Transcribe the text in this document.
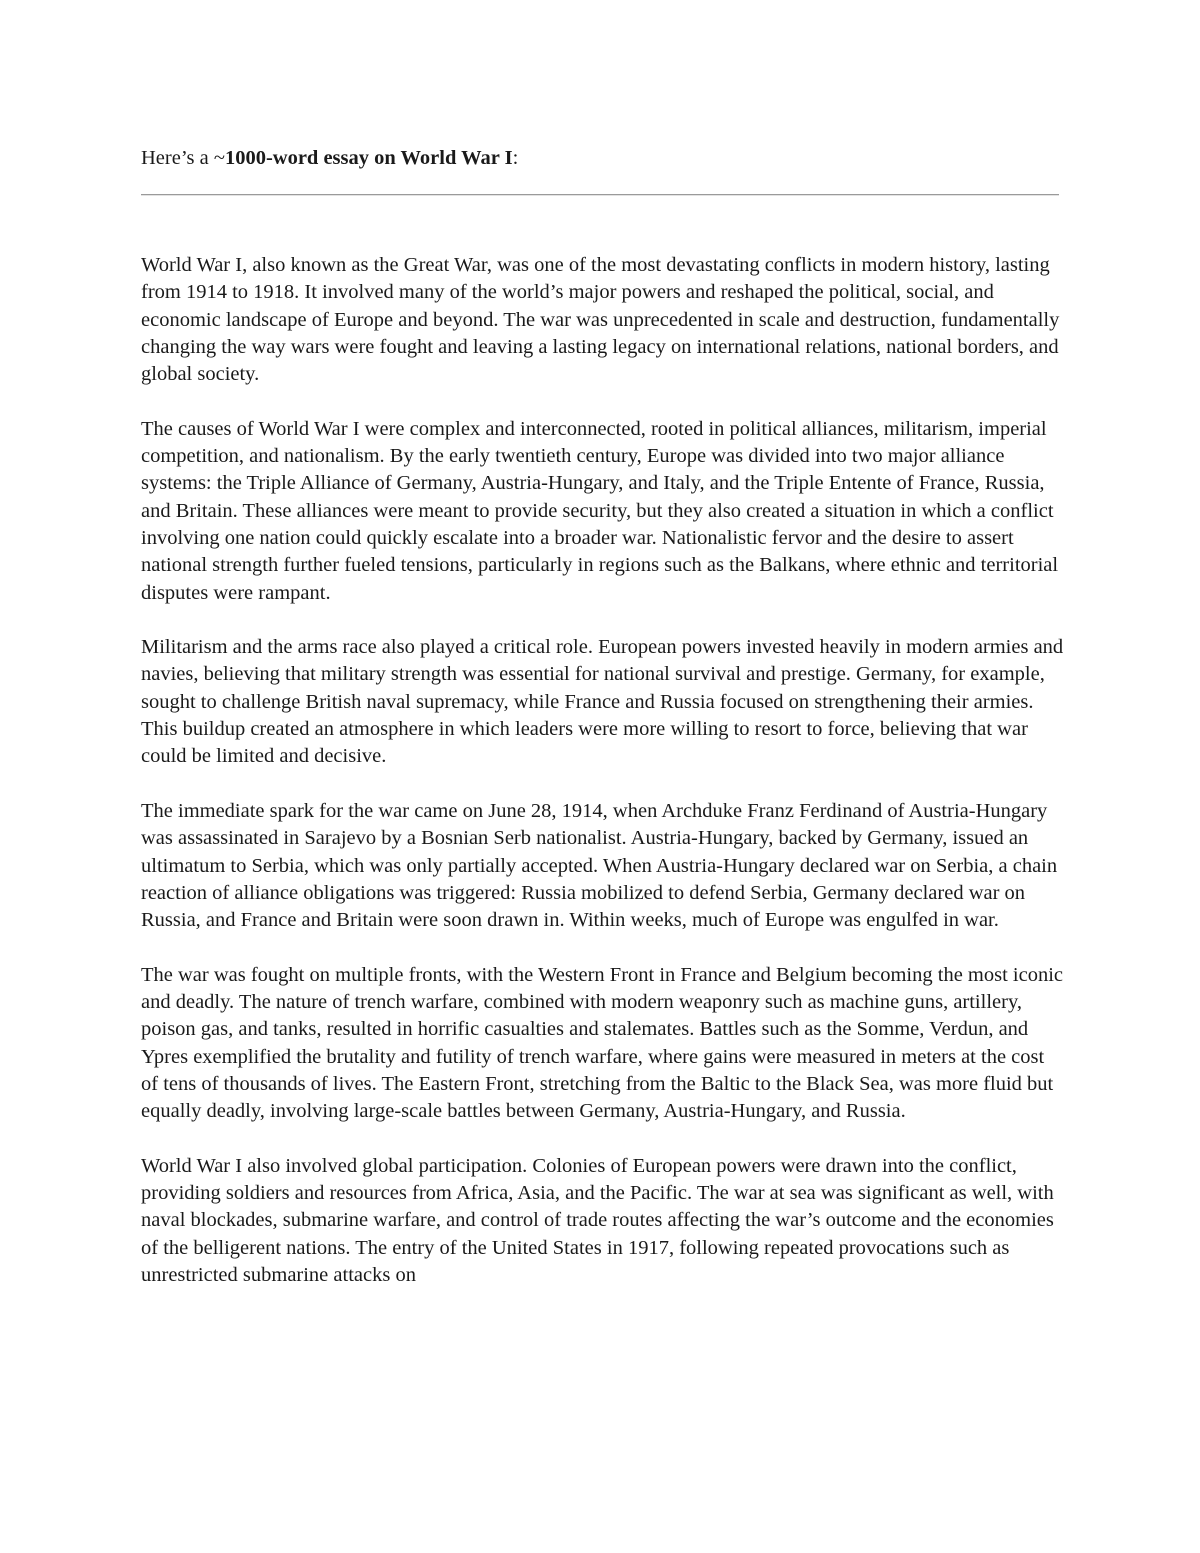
Here’s a ~1000-word essay on World War I:

World War I, also known as the Great War, was one of the most devastating conflicts in modern history, lasting from 1914 to 1918. It involved many of the world’s major powers and reshaped the political, social, and economic landscape of Europe and beyond. The war was unprecedented in scale and destruction, fundamentally changing the way wars were fought and leaving a lasting legacy on international relations, national borders, and global society.

The causes of World War I were complex and interconnected, rooted in political alliances, militarism, imperial competition, and nationalism. By the early twentieth century, Europe was divided into two major alliance systems: the Triple Alliance of Germany, Austria-Hungary, and Italy, and the Triple Entente of France, Russia, and Britain. These alliances were meant to provide security, but they also created a situation in which a conflict involving one nation could quickly escalate into a broader war. Nationalistic fervor and the desire to assert national strength further fueled tensions, particularly in regions such as the Balkans, where ethnic and territorial disputes were rampant.

Militarism and the arms race also played a critical role. European powers invested heavily in modern armies and navies, believing that military strength was essential for national survival and prestige. Germany, for example, sought to challenge British naval supremacy, while France and Russia focused on strengthening their armies. This buildup created an atmosphere in which leaders were more willing to resort to force, believing that war could be limited and decisive.

The immediate spark for the war came on June 28, 1914, when Archduke Franz Ferdinand of Austria-Hungary was assassinated in Sarajevo by a Bosnian Serb nationalist. Austria-Hungary, backed by Germany, issued an ultimatum to Serbia, which was only partially accepted. When Austria-Hungary declared war on Serbia, a chain reaction of alliance obligations was triggered: Russia mobilized to defend Serbia, Germany declared war on Russia, and France and Britain were soon drawn in. Within weeks, much of Europe was engulfed in war.

The war was fought on multiple fronts, with the Western Front in France and Belgium becoming the most iconic and deadly. The nature of trench warfare, combined with modern weaponry such as machine guns, artillery, poison gas, and tanks, resulted in horrific casualties and stalemates. Battles such as the Somme, Verdun, and Ypres exemplified the brutality and futility of trench warfare, where gains were measured in meters at the cost of tens of thousands of lives. The Eastern Front, stretching from the Baltic to the Black Sea, was more fluid but equally deadly, involving large-scale battles between Germany, Austria-Hungary, and Russia.

World War I also involved global participation. Colonies of European powers were drawn into the conflict, providing soldiers and resources from Africa, Asia, and the Pacific. The war at sea was significant as well, with naval blockades, submarine warfare, and control of trade routes affecting the war’s outcome and the economies of the belligerent nations. The entry of the United States in 1917, following repeated provocations such as unrestricted submarine attacks on
